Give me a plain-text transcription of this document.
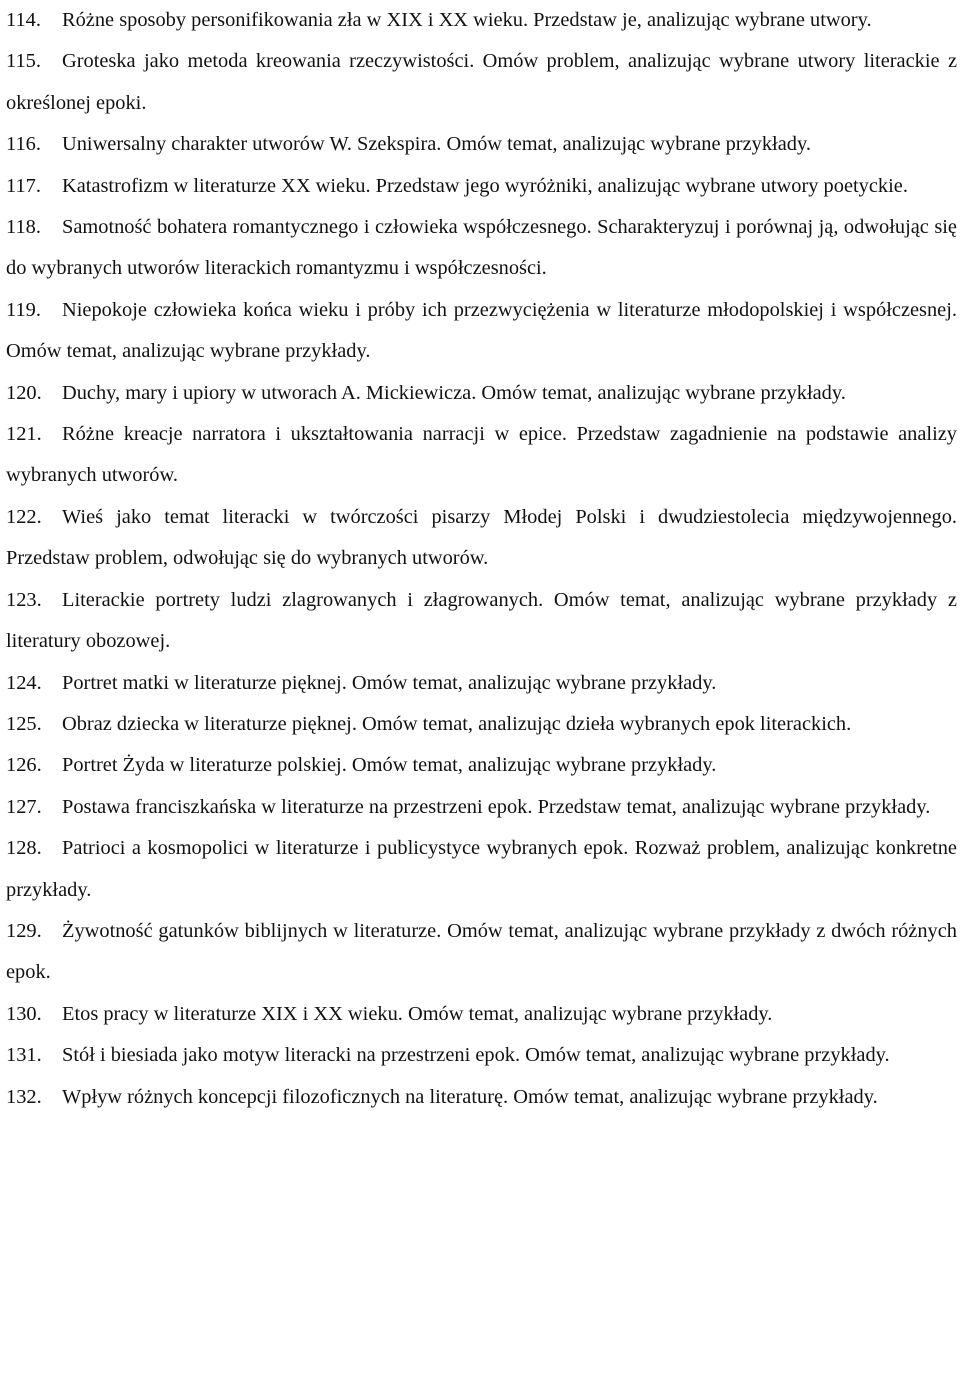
114. Różne sposoby personifikowania zła w XIX i XX wieku. Przedstaw je, analizując wybrane utwory.

115. Groteska jako metoda kreowania rzeczywistości. Omów problem, analizując wybrane utwory literackie z określonej epoki.

116. Uniwersalny charakter utworów W. Szekspira. Omów temat, analizując wybrane przykłady.

117. Katastrofizm w literaturze XX wieku. Przedstaw jego wyróżniki, analizując wybrane utwory poetyckie.

118. Samotność bohatera romantycznego i człowieka współczesnego. Scharakteryzuj i porównaj ją, odwołując się do wybranych utworów literackich romantyzmu i współczesności.

119. Niepokoje człowieka końca wieku i próby ich przezwyciężenia w literaturze młodopolskiej i współczesnej. Omów temat, analizując wybrane przykłady.

120. Duchy, mary i upiory w utworach A. Mickiewicza. Omów temat, analizując wybrane przykłady.

121. Różne kreacje narratora i ukształtowania narracji w epice. Przedstaw zagadnienie na podstawie analizy wybranych utworów.

122. Wieś jako temat literacki w twórczości pisarzy Młodej Polski i dwudziestolecia międzywojennego. Przedstaw problem, odwołując się do wybranych utworów.

123. Literackie portrety ludzi zlagrowanych i złagrowanych. Omów temat, analizując wybrane przykłady z literatury obozowej.

124. Portret matki w literaturze pięknej. Omów temat, analizując wybrane przykłady.

125. Obraz dziecka w literaturze pięknej. Omów temat, analizując dzieła wybranych epok literackich.

126. Portret Żyda w literaturze polskiej. Omów temat, analizując wybrane przykłady.

127. Postawa franciszkańska w literaturze na przestrzeni epok. Przedstaw temat, analizując wybrane przykłady.

128. Patrioci a kosmopolici w literaturze i publicystyce wybranych epok. Rozważ problem, analizując konkretne przykłady.

129. Żywotność gatunków biblijnych w literaturze. Omów temat, analizując wybrane przykłady z dwóch różnych epok.

130. Etos pracy w literaturze XIX i XX wieku. Omów temat, analizując wybrane przykłady.

131. Stół i biesiada jako motyw literacki na przestrzeni epok. Omów temat, analizując wybrane przykłady.

132. Wpływ różnych koncepcji filozoficznych na literaturę. Omów temat, analizując wybrane przykłady.
